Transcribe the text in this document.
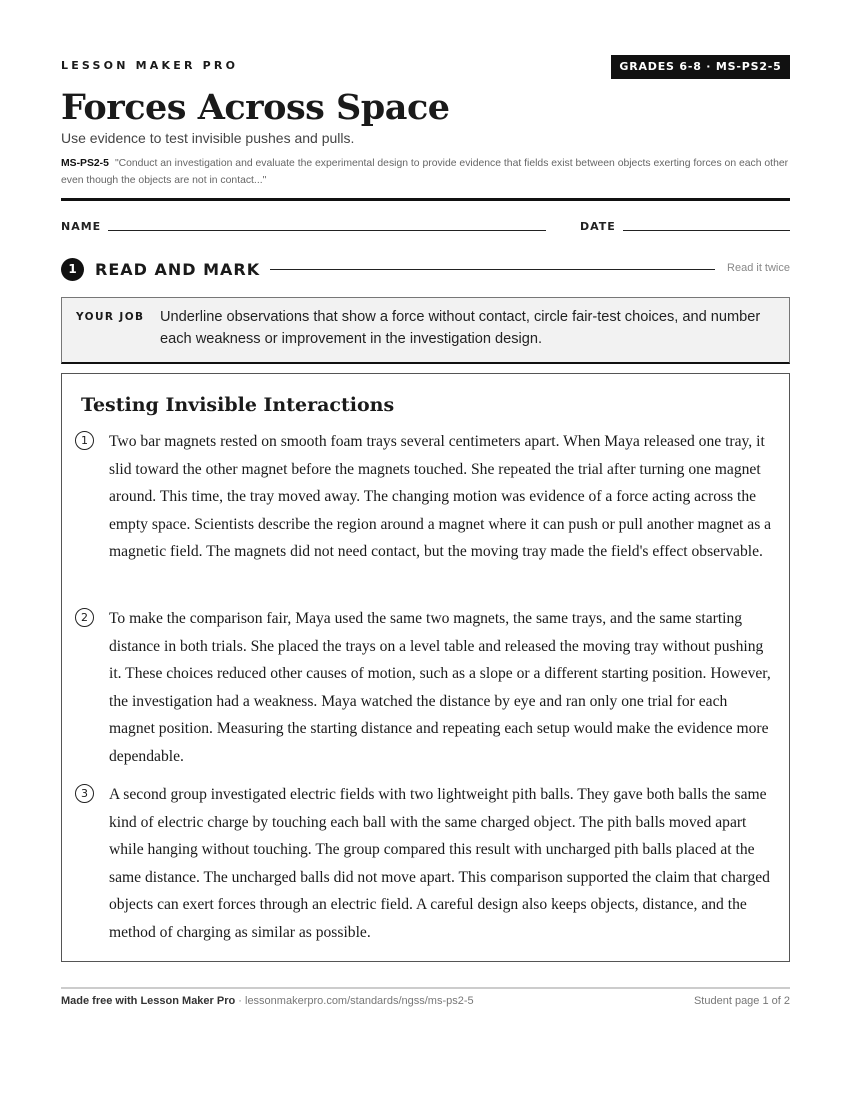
LESSON MAKER PRO	GRADES 6-8 · MS-PS2-5
Forces Across Space
Use evidence to test invisible pushes and pulls.
MS-PS2-5 "Conduct an investigation and evaluate the experimental design to provide evidence that fields exist between objects exerting forces on each other even though the objects are not in contact..."
NAME	DATE
1	READ AND MARK	Read it twice
YOUR JOB Underline observations that show a force without contact, circle fair-test choices, and number each weakness or improvement in the investigation design.
Testing Invisible Interactions
1	Two bar magnets rested on smooth foam trays several centimeters apart. When Maya released one tray, it slid toward the other magnet before the magnets touched. She repeated the trial after turning one magnet around. This time, the tray moved away. The changing motion was evidence of a force acting across the empty space. Scientists describe the region around a magnet where it can push or pull another magnet as a magnetic field. The magnets did not need contact, but the moving tray made the field's effect observable.
2	To make the comparison fair, Maya used the same two magnets, the same trays, and the same starting distance in both trials. She placed the trays on a level table and released the moving tray without pushing it. These choices reduced other causes of motion, such as a slope or a different starting position. However, the investigation had a weakness. Maya watched the distance by eye and ran only one trial for each magnet position. Measuring the starting distance and repeating each setup would make the evidence more dependable.
3	A second group investigated electric fields with two lightweight pith balls. They gave both balls the same kind of electric charge by touching each ball with the same charged object. The pith balls moved apart while hanging without touching. The group compared this result with uncharged pith balls placed at the same distance. The uncharged balls did not move apart. This comparison supported the claim that charged objects can exert forces through an electric field. A careful design also keeps objects, distance, and the method of charging as similar as possible.
Made free with Lesson Maker Pro · lessonmakerpro.com/standards/ngss/ms-ps2-5	Student page 1 of 2
